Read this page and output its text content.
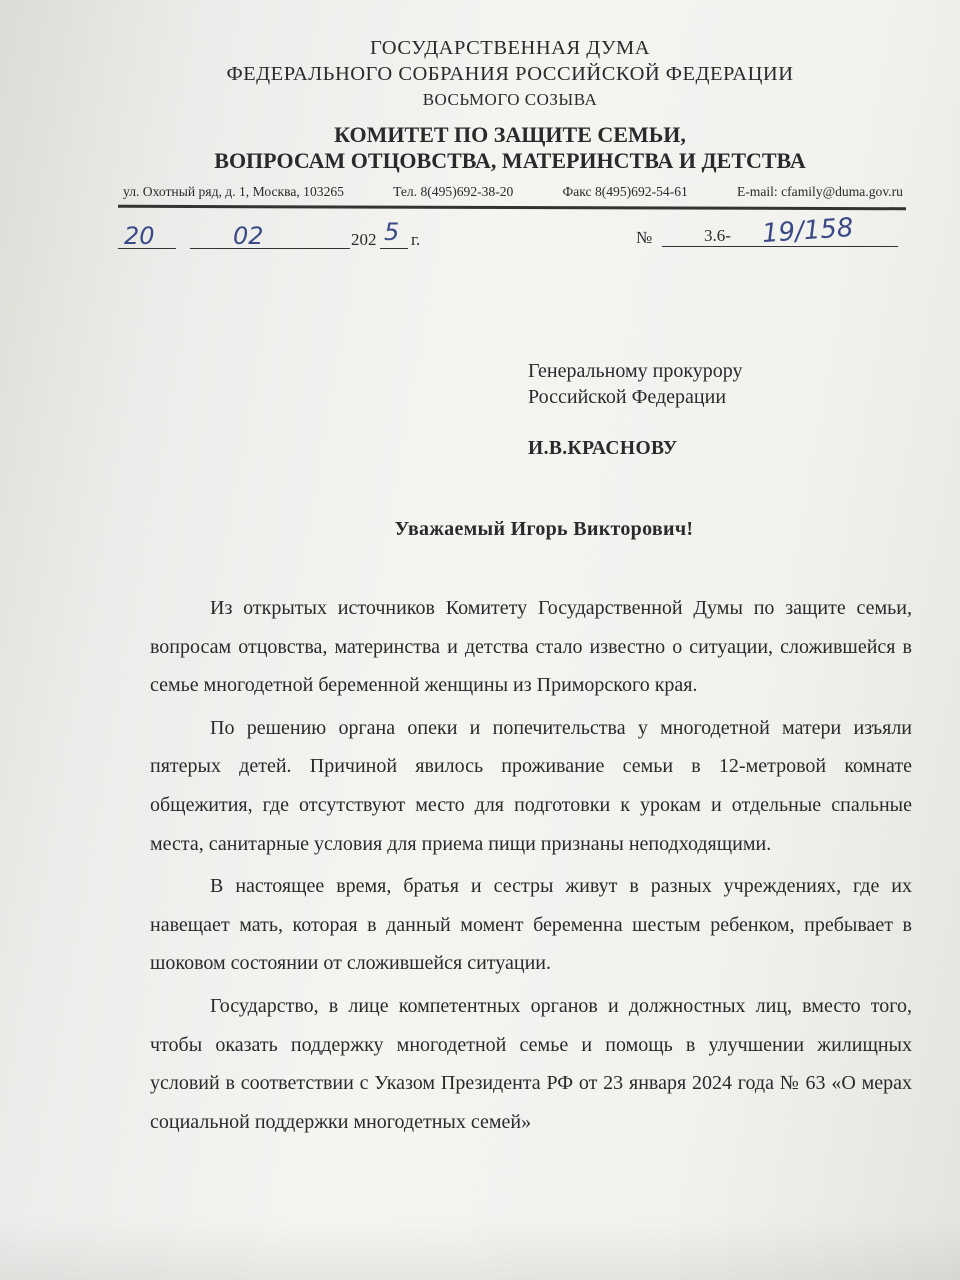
ГОСУДАРСТВЕННАЯ ДУМА
ФЕДЕРАЛЬНОГО СОБРАНИЯ РОССИЙСКОЙ ФЕДЕРАЦИИ
ВОСЬМОГО СОЗЫВА
КОМИТЕТ ПО ЗАЩИТЕ СЕМЬИ,
ВОПРОСАМ ОТЦОВСТВА, МАТЕРИНСТВА И ДЕТСТВА
ул. Охотный ряд, д. 1, Москва, 103265	Тел. 8(495)692-38-20	Факс 8(495)692-54-61	E-mail: cfamily@duma.gov.ru
20	02	202 5 г.	№	3.6- 19/158
Генеральному прокурору
Российской Федерации
И.В.КРАСНОВУ
Уважаемый Игорь Викторович!

Из открытых источников Комитету Государственной Думы по защите семьи, вопросам отцовства, материнства и детства стало известно о ситуации, сложившейся в семье многодетной беременной женщины из Приморского края.

По решению органа опеки и попечительства у многодетной матери изъяли пятерых детей. Причиной явилось проживание семьи в 12-метровой комнате общежития, где отсутствуют место для подготовки к урокам и отдельные спальные места, санитарные условия для приема пищи признаны неподходящими.

В настоящее время, братья и сестры живут в разных учреждениях, где их навещает мать, которая в данный момент беременна шестым ребенком, пребывает в шоковом состоянии от сложившейся ситуации.

Государство, в лице компетентных органов и должностных лиц, вместо того, чтобы оказать поддержку многодетной семье и помощь в улучшении жилищных условий в соответствии с Указом Президента РФ от 23 января 2024 года № 63 «О мерах социальной поддержки многодетных семей»
